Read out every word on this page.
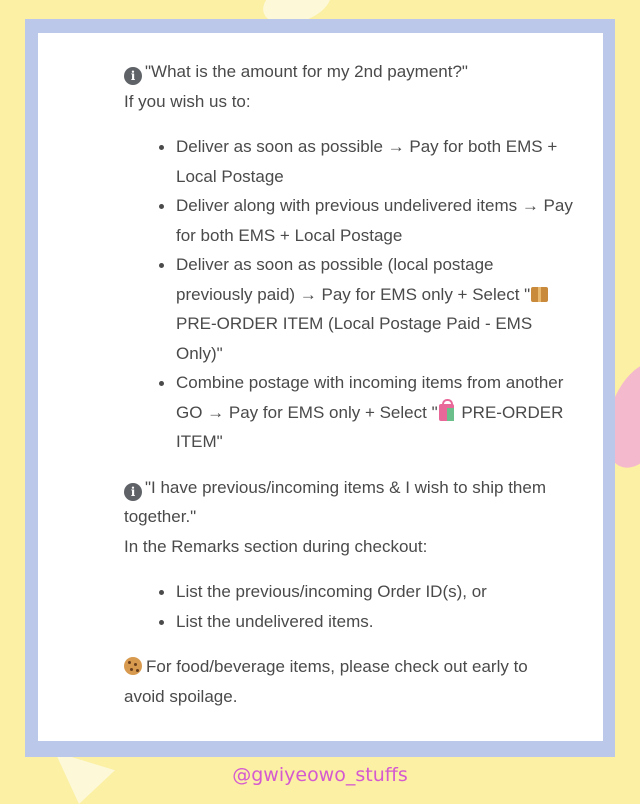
i "What is the amount for my 2nd payment?"

If you wish us to:

Deliver as soon as possible → Pay for both EMS + Local Postage
Deliver along with previous undelivered items → Pay for both EMS + Local Postage
Deliver as soon as possible (local postage previously paid) → Pay for EMS only + Select " PRE-ORDER ITEM (Local Postage Paid - EMS Only)"
Combine postage with incoming items from another GO → Pay for EMS only + Select " PRE-ORDER ITEM"

i "I have previous/incoming items & I wish to ship them together."

In the Remarks section during checkout:

List the previous/incoming Order ID(s), or
List the undelivered items.

For food/beverage items, please check out early to avoid spoilage.

@gwiyeowo_stuffs
